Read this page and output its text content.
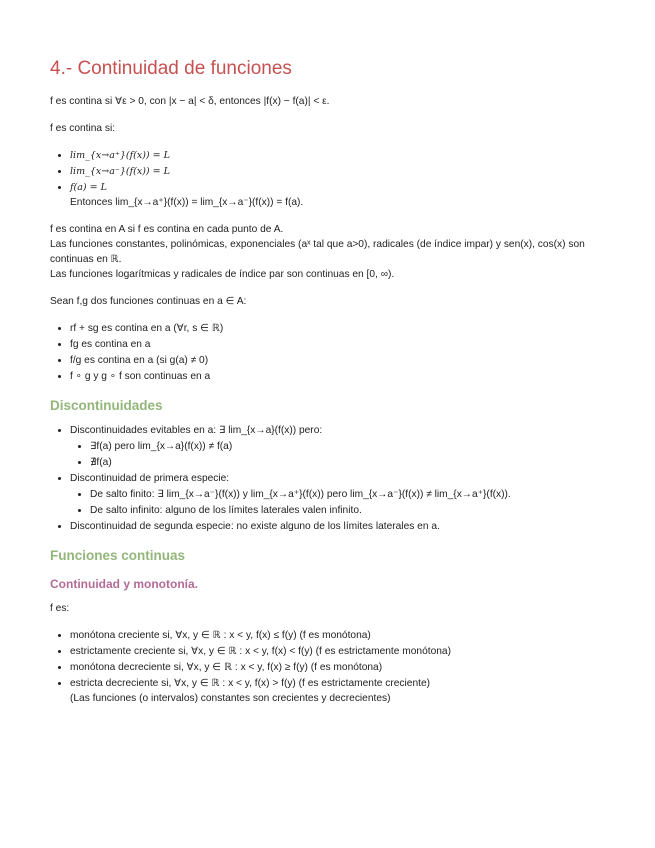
4.- Continuidad de funciones

f es contina si ∀ε > 0, con |x − a| < δ, entonces |f(x) − f(a)| < ε.

f es contina si:

lim_{x→a⁺}(f(x)) = L
lim_{x→a⁻}(f(x)) = L
f(a) = L
Entonces lim_{x→a⁺}(f(x)) = lim_{x→a⁻}(f(x)) = f(a).

f es contina en A si f es contina en cada punto de A.

Las funciones constantes, polinómicas, exponenciales (aˣ tal que a>0), radicales (de índice impar) y sen(x), cos(x) son continuas en ℝ.

Las funciones logarítmicas y radicales de índice par son continuas en [0, ∞).

Sean f,g dos funciones continuas en a ∈ A:

rf + sg es contina en a (∀r, s ∈ ℝ)
fg es contina en a
f/g es contina en a (si g(a) ≠ 0)
f ∘ g y g ∘ f son continuas en a
Discontinuidades
Discontinuidades evitables en a: ∃ lim_{x→a}(f(x)) pero:
∃f(a) pero lim_{x→a}(f(x)) ≠ f(a)
∄f(a)
Discontinuidad de primera especie:
De salto finito: ∃ lim_{x→a⁻}(f(x)) y lim_{x→a⁺}(f(x)) pero lim_{x→a⁻}(f(x)) ≠ lim_{x→a⁺}(f(x)).
De salto infinito: alguno de los límites laterales valen infinito.
Discontinuidad de segunda especie: no existe alguno de los límites laterales en a.
Funciones continuas
Continuidad y monotonía.

f es:

monótona creciente si, ∀x, y ∈ ℝ : x < y, f(x) ≤ f(y) (f es monótona)
estrictamente creciente si, ∀x, y ∈ ℝ : x < y, f(x) < f(y) (f es estrictamente monótona)
monótona decreciente si, ∀x, y ∈ ℝ : x < y, f(x) ≥ f(y) (f es monótona)
estricta decreciente si, ∀x, y ∈ ℝ : x < y, f(x) > f(y) (f es estrictamente creciente)
(Las funciones (o intervalos) constantes son crecientes y decrecientes)
